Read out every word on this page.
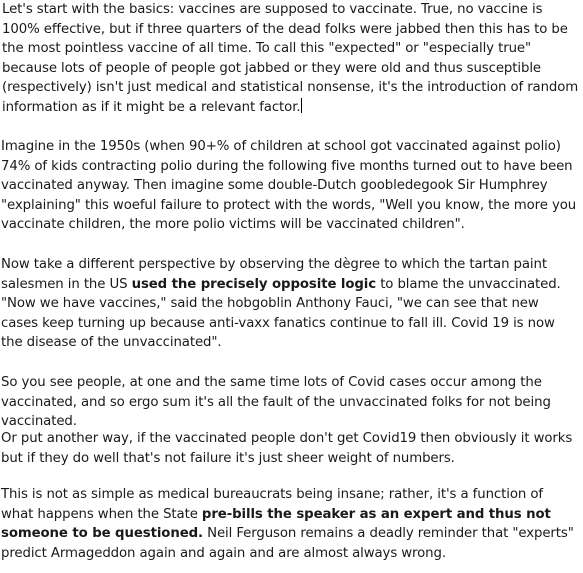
Let's start with the basics: vaccines are supposed to vaccinate. True, no vaccine is 100% effective, but if three quarters of the dead folks were jabbed then this has to be the most pointless vaccine of all time. To call this "expected" or "especially true" because lots of people of people got jabbed or they were old and thus susceptible (respectively) isn't just medical and statistical nonsense, it's the introduction of random information as if it might be a relevant factor.

Imagine in the 1950s (when 90+% of children at school got vaccinated against polio) 74% of kids contracting polio during the following five months turned out to have been vaccinated anyway. Then imagine some double-Dutch goobledegook Sir Humphrey "explaining" this woeful failure to protect with the words, "Well you know, the more you vaccinate children, the more polio victims will be vaccinated children".

Now take a different perspective by observing the dègree to which the tartan paint salesmen in the US used the precisely opposite logic to blame the unvaccinated. "Now we have vaccines," said the hobgoblin Anthony Fauci, "we can see that new cases keep turning up because anti-vaxx fanatics continue to fall ill. Covid 19 is now the disease of the unvaccinated".

So you see people, at one and the same time lots of Covid cases occur among the vaccinated, and so ergo sum it's all the fault of the unvaccinated folks for not being vaccinated.

Or put another way, if the vaccinated people don't get Covid19 then obviously it works but if they do well that's not failure it's just sheer weight of numbers.

This is not as simple as medical bureaucrats being insane; rather, it's a function of what happens when the State pre-bills the speaker as an expert and thus not someone to be questioned. Neil Ferguson remains a deadly reminder that "experts" predict Armageddon again and again and are almost always wrong.
